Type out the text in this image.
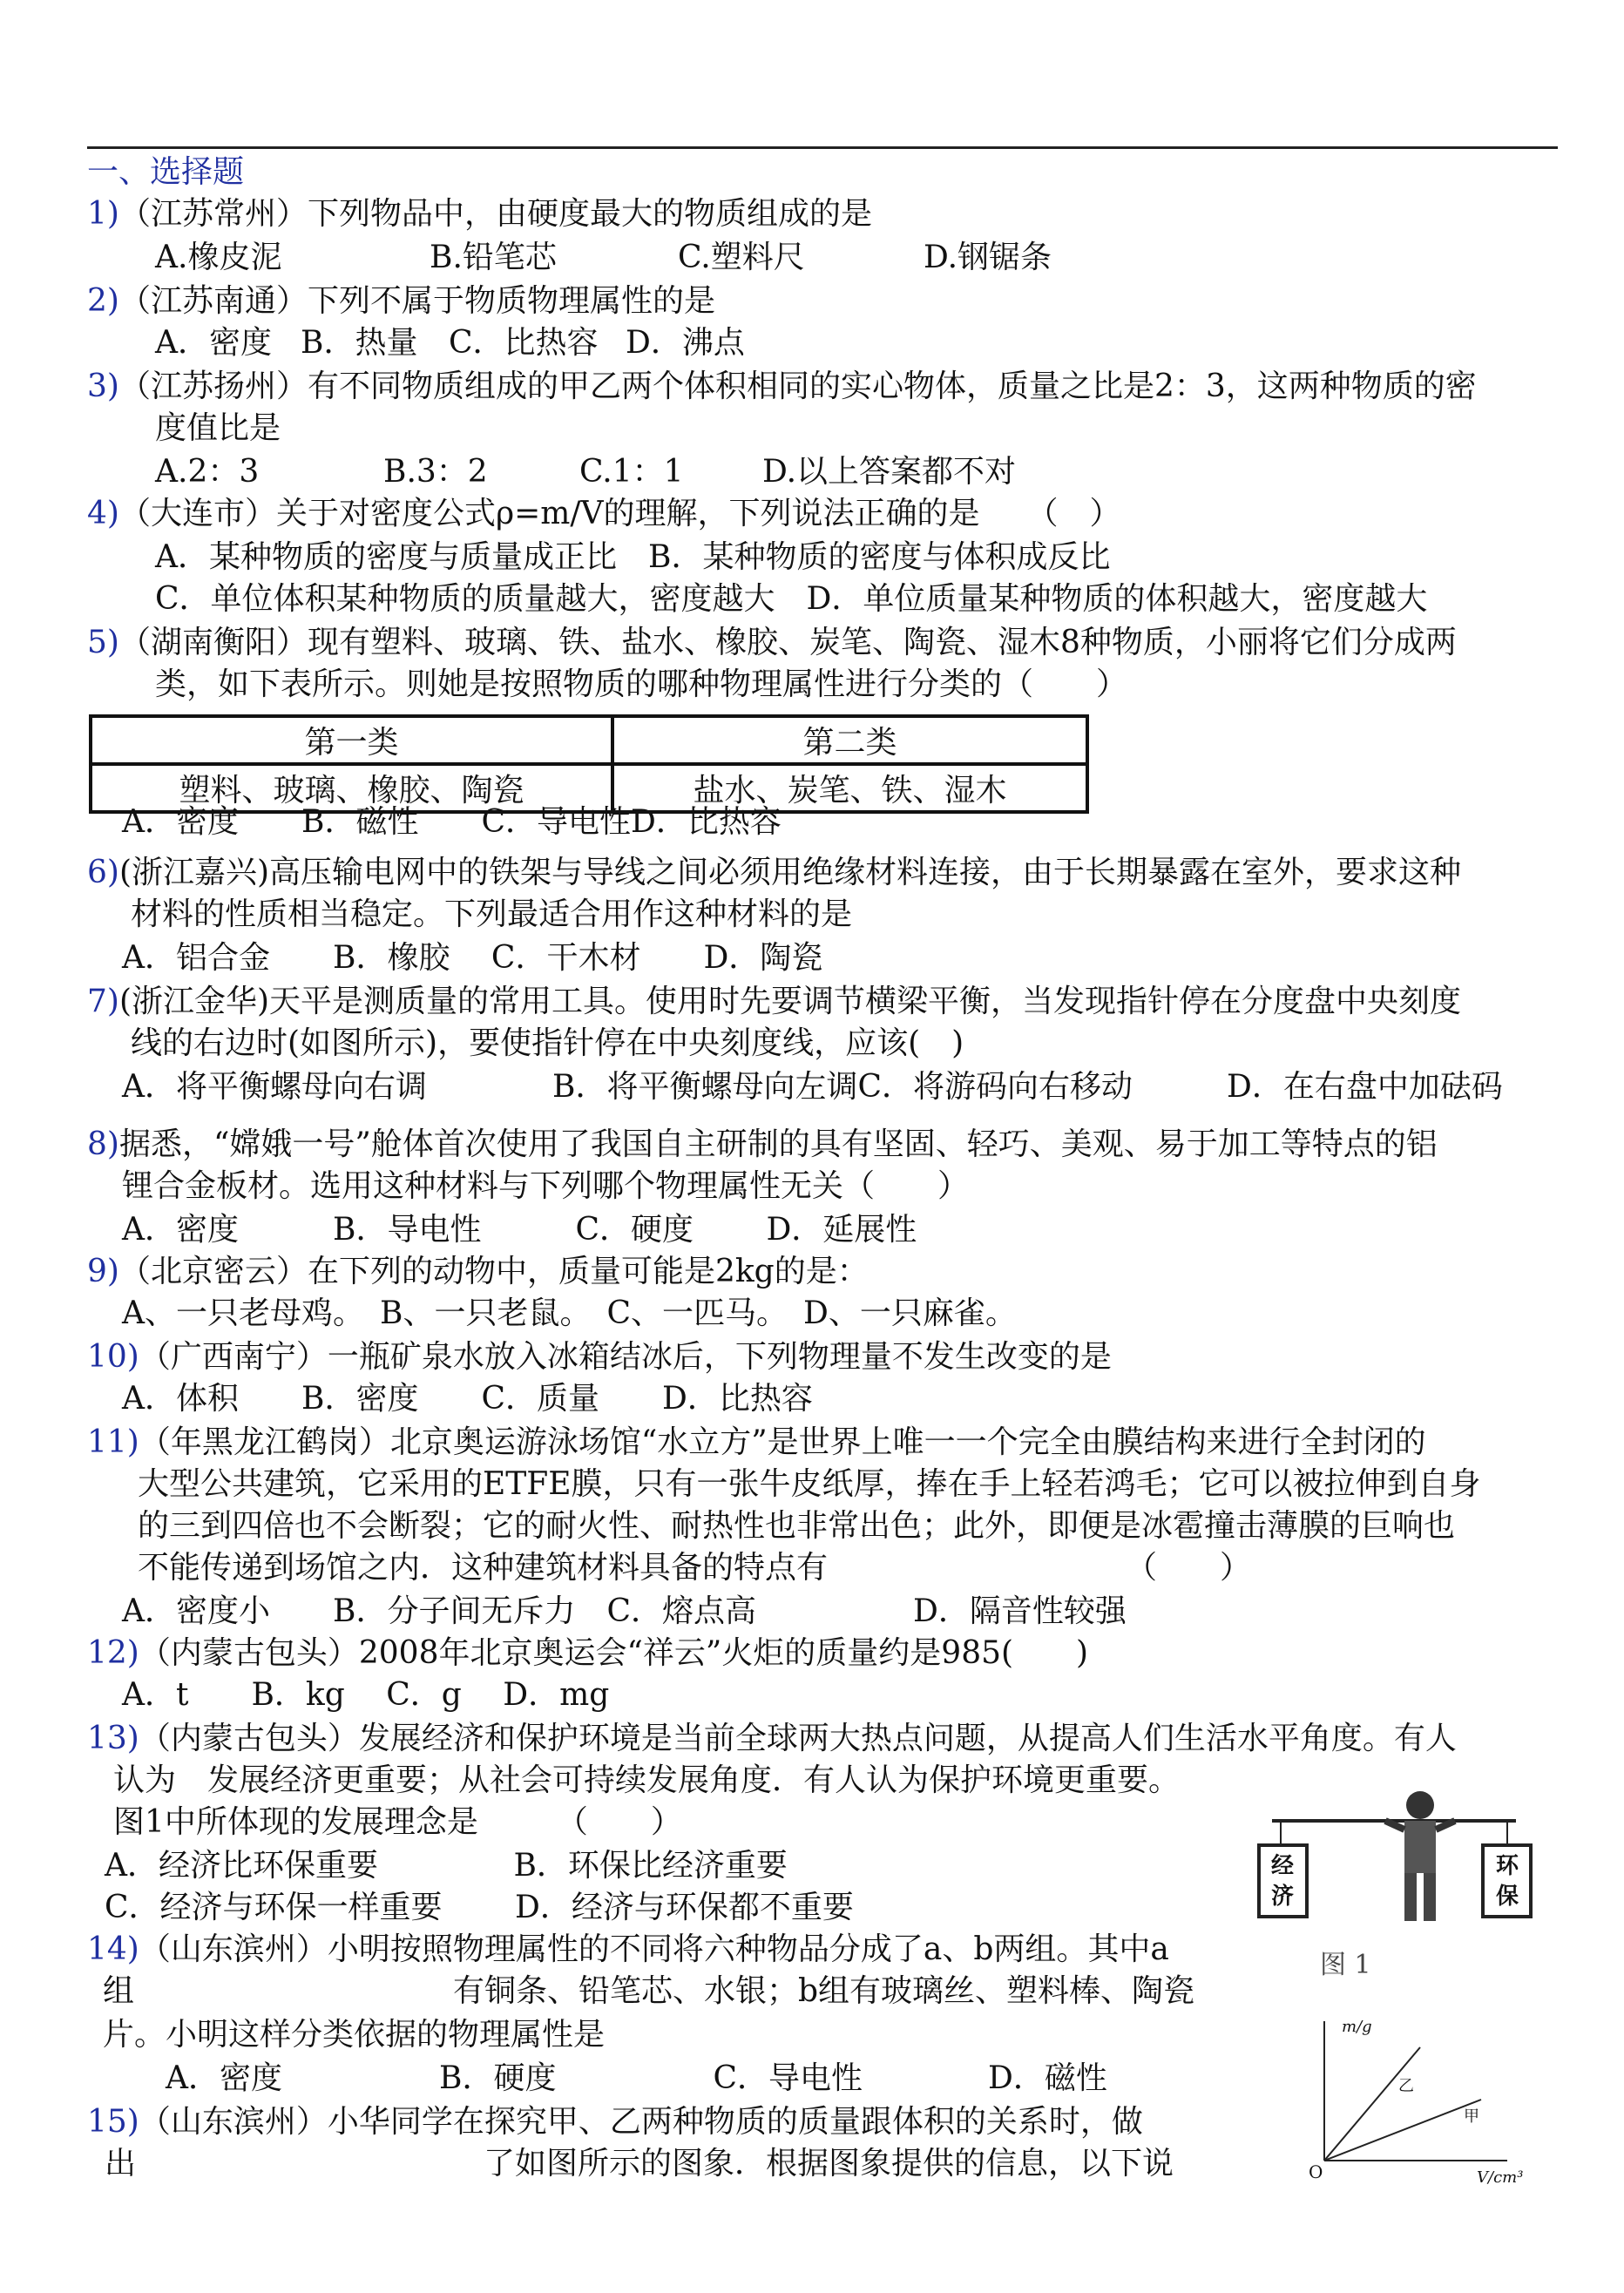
一、选择题
1)（江苏常州）下列物品中，由硬度最大的物质组成的是
A.橡皮泥	B.铅笔芯	C.塑料尺	D.钢锯条
2)（江苏南通）下列不属于物质物理属性的是
A．密度 B．热量 C．比热容 D．沸点
3)（江苏扬州）有不同物质组成的甲乙两个体积相同的实心物体，质量之比是2：3，这两种物质的密
度值比是
A.2：3	B.3：2	C.1：1	D.以上答案都不对
4)（大连市）关于对密度公式ρ=m/V的理解，下列说法正确的是　　（　）
A．某种物质的密度与质量成正比　B．某种物质的密度与体积成反比
C．单位体积某种物质的质量越大，密度越大　D．单位质量某种物质的体积越大，密度越大
5)（湖南衡阳）现有塑料、玻璃、铁、盐水、橡胶、炭笔、陶瓷、湿木8种物质，小丽将它们分成两
类，如下表所示。则她是按照物质的哪种物理属性进行分类的（　　）
第一类	第二类
塑料、玻璃、橡胶、陶瓷	盐水、炭笔、铁、湿木
A．密度　　B．磁性　　C．导电性D．比热容
6)(浙江嘉兴)高压输电网中的铁架与导线之间必须用绝缘材料连接，由于长期暴露在室外，要求这种
材料的性质相当稳定。下列最适合用作这种材料的是
A．铝合金　　B．橡胶　 C．干木材　　D．陶瓷
7)(浙江金华)天平是测质量的常用工具。使用时先要调节横梁平衡，当发现指针停在分度盘中央刻度
线的右边时(如图所示)，要使指针停在中央刻度线，应该(　)
A．将平衡螺母向右调　　　　B．将平衡螺母向左调C．将游码向右移动　　　D．在右盘中加砝码
8)据悉，“嫦娥一号”舱体首次使用了我国自主研制的具有坚固、轻巧、美观、易于加工等特点的铝
锂合金板材。选用这种材料与下列哪个物理属性无关（　　）
A．密度　　　B．导电性　　　C．硬度　　 D．延展性
9)（北京密云）在下列的动物中，质量可能是2kg的是：
A、一只老母鸡。　B、一只老鼠。　C、一匹马。　D、一只麻雀。
10)（广西南宁）一瓶矿泉水放入冰箱结冰后，下列物理量不发生改变的是
A．体积　　B．密度　　C．质量　　D．比热容
11)（年黑龙江鹤岗）北京奥运游泳场馆“水立方”是世界上唯一一个完全由膜结构来进行全封闭的
大型公共建筑，它采用的ETFE膜，只有一张牛皮纸厚，捧在手上轻若鸿毛；它可以被拉伸到自身
的三到四倍也不会断裂；它的耐火性、耐热性也非常出色；此外，即便是冰雹撞击薄膜的巨响也
不能传递到场馆之内．这种建筑材料具备的特点有　　　　　　　　　　（　　）
A．密度小　　B．分子间无斥力　C．熔点高　　　　　D．隔音性较强
12)（内蒙古包头）2008年北京奥运会“祥云”火炬的质量约是985(　　)
A．t　　B．kg　 C．g　 D．mg
13)（内蒙古包头）发展经济和保护环境是当前全球两大热点问题，从提高人们生活水平角度。有人
认为　发展经济更重要；从社会可持续发展角度．有人认为保护环境更重要。
图1中所体现的发展理念是　　　（　　）
A．经济比环保重要　　　　 B．环保比经济重要
C．经济与环保一样重要　　 D．经济与环保都不重要
经
济
环
保
图 1
14)（山东滨州）小明按照物理属性的不同将六种物品分成了a、b两组。其中a
组	有铜条、铅笔芯、水银；b组有玻璃丝、塑料棒、陶瓷
片。小明这样分类依据的物理属性是
A．密度　　　　　B．硬度　　　　　C．导电性　　　　D．磁性
15)（山东滨州）小华同学在探究甲、乙两种物质的质量跟体积的关系时，做
出	了如图所示的图象．根据图象提供的信息，以下说
m/g
V/cm³
O
乙
甲
